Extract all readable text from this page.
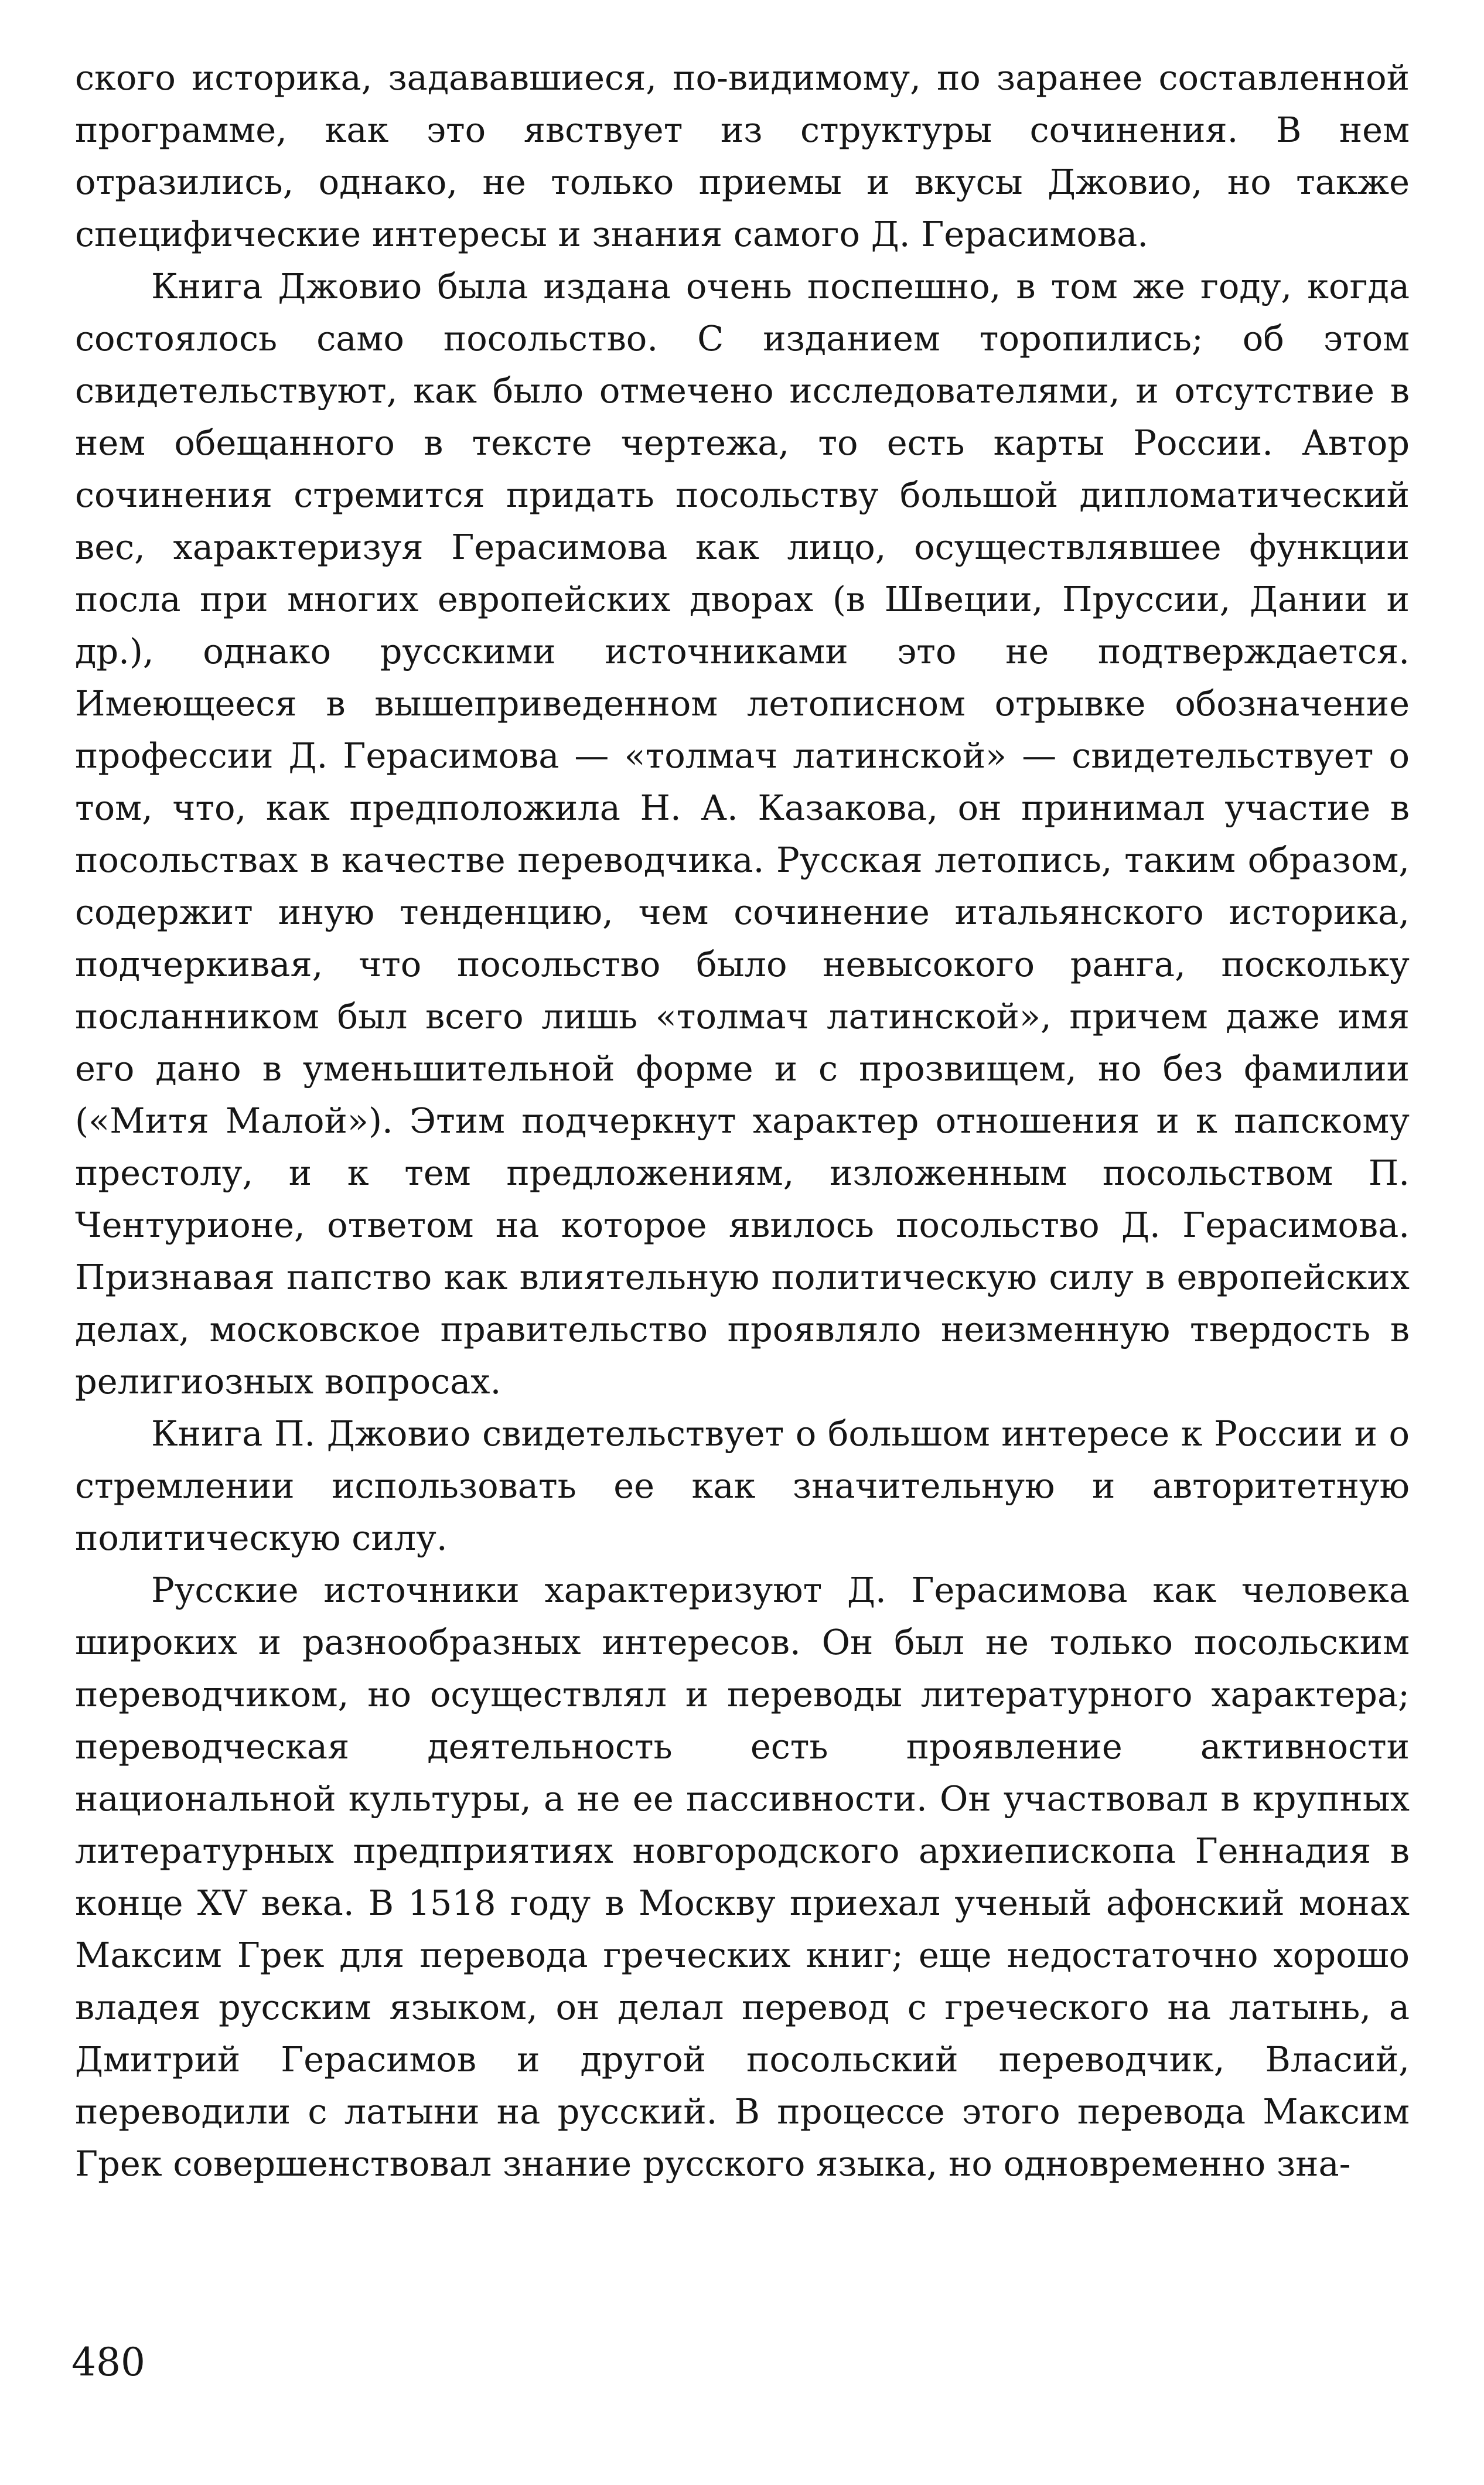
ского историка, задававшиеся, по-видимому, по заранее составленной программе, как это явствует из структуры сочинения. В нем отразились, однако, не только приемы и вкусы Джовио, но также специфические интересы и знания самого Д. Герасимова.

Книга Джовио была издана очень поспешно, в том же году, когда состоялось само посольство. С изданием торопились; об этом свидетельствуют, как было отмечено исследователями, и отсутствие в нем обещанного в тексте чертежа, то есть карты России. Автор сочинения стремится придать посольству большой дипломатический вес, характеризуя Герасимова как лицо, осуществлявшее функции посла при многих европейских дворах (в Швеции, Пруссии, Дании и др.), однако русскими источниками это не подтверждается. Имеющееся в вышеприведенном летописном отрывке обозначение профессии Д. Герасимова — «толмач латинской» — свидетельствует о том, что, как предположила Н. А. Казакова, он принимал участие в посольствах в качестве переводчика. Русская летопись, таким образом, содержит иную тенденцию, чем сочинение итальянского историка, подчеркивая, что посольство было невысокого ранга, поскольку посланником был всего лишь «толмач латинской», причем даже имя его дано в уменьшительной форме и с прозвищем, но без фамилии («Митя Малой»). Этим подчеркнут характер отношения и к папскому престолу, и к тем предложениям, изложенным посольством П. Чентурионе, ответом на которое явилось посольство Д. Герасимова. Признавая папство как влиятельную политическую силу в европейских делах, московское правительство проявляло неизменную твердость в религиозных вопросах.

Книга П. Джовио свидетельствует о большом интересе к России и о стремлении использовать ее как значительную и авторитетную политическую силу.

Русские источники характеризуют Д. Герасимова как человека широких и разнообразных интересов. Он был не только посольским переводчиком, но осуществлял и переводы литературного характера; переводческая деятельность есть проявление активности национальной культуры, а не ее пассивности. Он участвовал в крупных литературных предприятиях новгородского архиепископа Геннадия в конце XV века. В 1518 году в Москву приехал ученый афонский монах Максим Грек для перевода греческих книг; еще недостаточно хорошо владея русским языком, он делал перевод с греческого на латынь, а Дмитрий Герасимов и другой посольский переводчик, Власий, переводили с латыни на русский. В процессе этого перевода Максим Грек совершенствовал знание русского языка, но одновременно зна-

480
